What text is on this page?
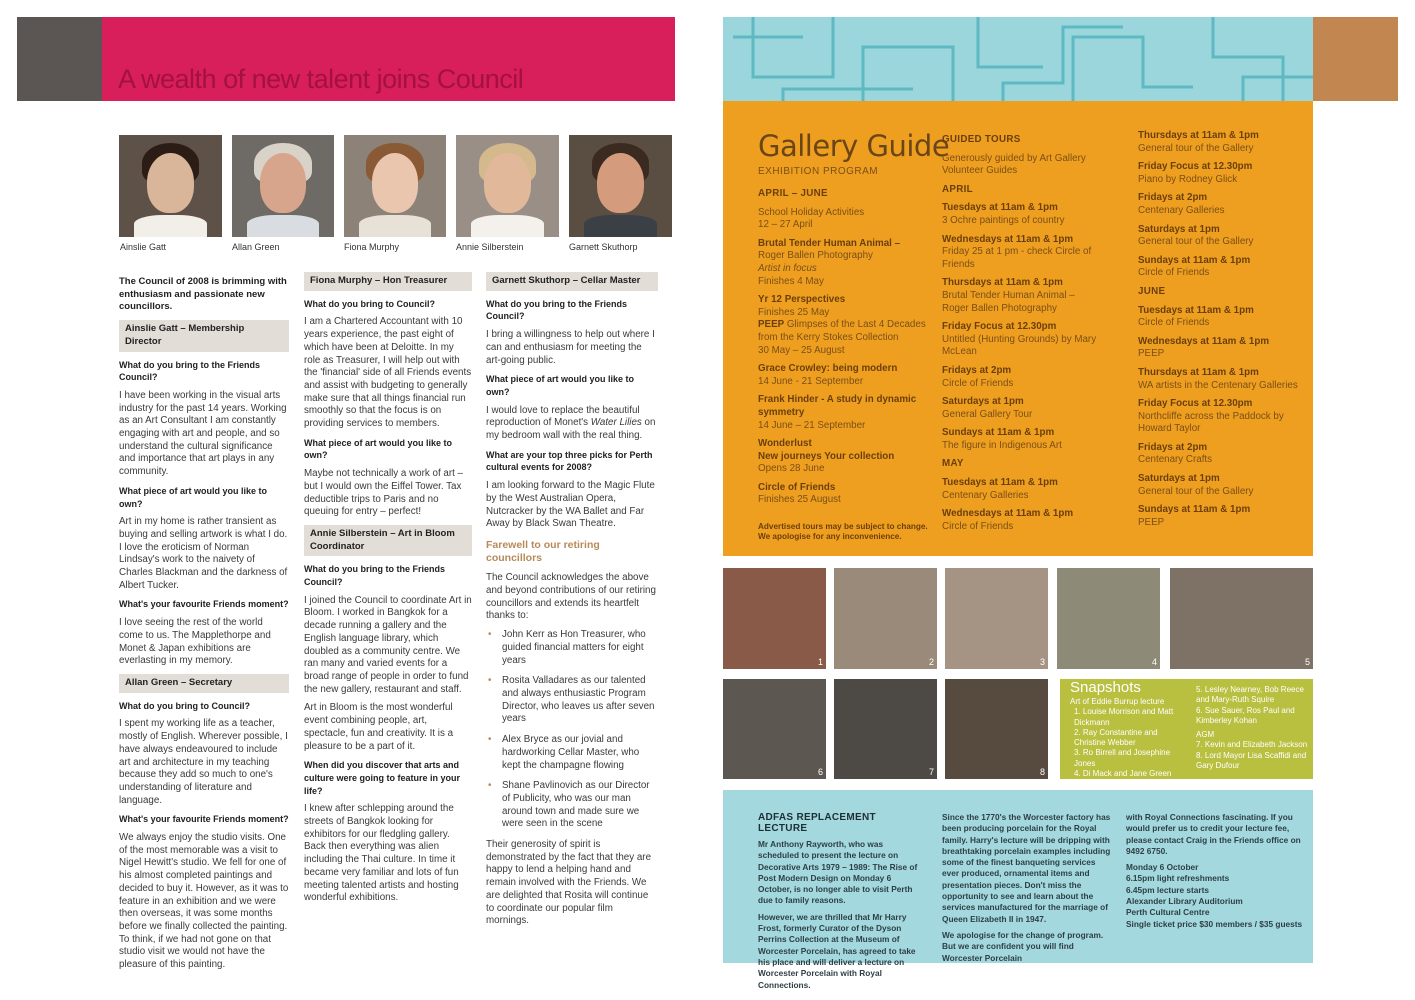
A wealth of new talent joins Council
Ainslie Gatt	Allan Green	Fiona Murphy	Annie Silberstein	Garnett Skuthorp

The Council of 2008 is brimming with enthusiasm and passionate new councillors.

Ainslie Gatt – Membership Director

What do you bring to the Friends Council?

I have been working in the visual arts industry for the past 14 years. Working as an Art Consultant I am constantly engaging with art and people, and so understand the cultural significance and importance that art plays in any community.

What piece of art would you like to own?

Art in my home is rather transient as buying and selling artwork is what I do. I love the eroticism of Norman Lindsay's work to the naivety of Charles Blackman and the darkness of Albert Tucker.

What's your favourite Friends moment?

I love seeing the rest of the world come to us. The Mapplethorpe and Monet & Japan exhibitions are everlasting in my memory.

Allan Green – Secretary

What do you bring to Council?

I spent my working life as a teacher, mostly of English. Wherever possible, I have always endeavoured to include art and architecture in my teaching because they add so much to one's understanding of literature and language.

What's your favourite Friends moment?

We always enjoy the studio visits. One of the most memorable was a visit to Nigel Hewitt's studio. We fell for one of his almost completed paintings and decided to buy it. However, as it was to feature in an exhibition and we were then overseas, it was some months before we finally collected the painting. To think, if we had not gone on that studio visit we would not have the pleasure of this painting.

Fiona Murphy – Hon Treasurer

What do you bring to Council?

I am a Chartered Accountant with 10 years experience, the past eight of which have been at Deloitte. In my role as Treasurer, I will help out with the 'financial' side of all Friends events and assist with budgeting to generally make sure that all things financial run smoothly so that the focus is on providing services to members.

What piece of art would you like to own?

Maybe not technically a work of art – but I would own the Eiffel Tower. Tax deductible trips to Paris and no queuing for entry – perfect!

Annie Silberstein – Art in Bloom Coordinator

What do you bring to the Friends Council?

I joined the Council to coordinate Art in Bloom. I worked in Bangkok for a decade running a gallery and the English language library, which doubled as a community centre. We ran many and varied events for a broad range of people in order to fund the new gallery, restaurant and staff.

Art in Bloom is the most wonderful event combining people, art, spectacle, fun and creativity. It is a pleasure to be a part of it.

When did you discover that arts and culture were going to feature in your life?

I knew after schlepping around the streets of Bangkok looking for exhibitors for our fledgling gallery. Back then everything was alien including the Thai culture. In time it became very familiar and lots of fun meeting talented artists and hosting wonderful exhibitions.

Garnett Skuthorp – Cellar Master

What do you bring to the Friends Council?

I bring a willingness to help out where I can and enthusiasm for meeting the art-going public.

What piece of art would you like to own?

I would love to replace the beautiful reproduction of Monet's Water Lilies on my bedroom wall with the real thing.

What are your top three picks for Perth cultural events for 2008?

I am looking forward to the Magic Flute by the West Australian Opera, Nutcracker by the WA Ballet and Far Away by Black Swan Theatre.

Farewell to our retiring councillors

The Council acknowledges the above and beyond contributions of our retiring councillors and extends its heartfelt thanks to:

• John Kerr as Hon Treasurer, who guided financial matters for eight years
• Rosita Valladares as our talented and always enthusiastic Program Director, who leaves us after seven years
• Alex Bryce as our jovial and hardworking Cellar Master, who kept the champagne flowing
• Shane Pavlinovich as our Director of Publicity, who was our man around town and made sure we were seen in the scene

Their generosity of spirit is demonstrated by the fact that they are happy to lend a helping hand and remain involved with the Friends. We are delighted that Rosita will continue to coordinate our popular film mornings.

Gallery Guide
EXHIBITION PROGRAM
APRIL – JUNE
School Holiday Activities
12 – 27 April
Brutal Tender Human Animal –
Roger Ballen Photography
Artist in focus
Finishes 4 May
Yr 12 Perspectives
Finishes 25 May
PEEP Glimpses of the Last 4 Decades from the Kerry Stokes Collection
30 May – 25 August
Grace Crowley: being modern
14 June - 21 September
Frank Hinder - A study in dynamic symmetry
14 June – 21 September
Wonderlust
New journeys Your collection
Opens 28 June
Circle of Friends
Finishes 25 August
Advertised tours may be subject to change. We apologise for any inconvenience.
GUIDED TOURS
Generously guided by Art Gallery Volunteer Guides
APRIL
Tuesdays at 11am & 1pm
3 Ochre paintings of country
Wednesdays at 11am & 1pm
Friday 25 at 1 pm - check Circle of Friends
Thursdays at 11am & 1pm
Brutal Tender Human Animal – Roger Ballen Photography
Friday Focus at 12.30pm
Untitled (Hunting Grounds) by Mary McLean
Fridays at 2pm
Circle of Friends
Saturdays at 1pm
General Gallery Tour
Sundays at 11am & 1pm
The figure in Indigenous Art
MAY
Tuesdays at 11am & 1pm
Centenary Galleries
Wednesdays at 11am & 1pm
Circle of Friends
Thursdays at 11am & 1pm
General tour of the Gallery
Friday Focus at 12.30pm
Piano by Rodney Glick
Fridays at 2pm
Centenary Galleries
Saturdays at 1pm
General tour of the Gallery
Sundays at 11am & 1pm
Circle of Friends
JUNE
Tuesdays at 11am & 1pm
Circle of Friends
Wednesdays at 11am & 1pm
PEEP
Thursdays at 11am & 1pm
WA artists in the Centenary Galleries
Friday Focus at 12.30pm
Northcliffe across the Paddock by Howard Taylor
Fridays at 2pm
Centenary Crafts
Saturdays at 1pm
General tour of the Gallery
Sundays at 11am & 1pm
PEEP
1	2	3	4	5
6	7	8
Snapshots
Art of Eddie Burrup lecture
1. Louise Morrison and Matt Dickmann
2. Ray Constantine and Christine Webber
3. Ro Birrell and Josephine Jones
4. Di Mack and Jane Green
5. Lesley Nearney, Bob Reece and Mary-Ruth Squire
6. Sue Sauer, Ros Paul and Kimberley Kohan
AGM
7. Kevin and Elizabeth Jackson
8. Lord Mayor Lisa Scaffidi and Gary Dufour
ADFAS REPLACEMENT LECTURE
Mr Anthony Rayworth, who was scheduled to present the lecture on Decorative Arts 1979 – 1989: The Rise of Post Modern Design on Monday 6 October, is no longer able to visit Perth due to family reasons.
However, we are thrilled that Mr Harry Frost, formerly Curator of the Dyson Perrins Collection at the Museum of Worcester Porcelain, has agreed to take his place and will deliver a lecture on Worcester Porcelain with Royal Connections.
Since the 1770's the Worcester factory has been producing porcelain for the Royal family. Harry's lecture will be dripping with breathtaking porcelain examples including some of the finest banqueting services ever produced, ornamental items and presentation pieces. Don't miss the opportunity to see and learn about the services manufactured for the marriage of Queen Elizabeth II in 1947.
We apologise for the change of program. But we are confident you will find Worcester Porcelain
with Royal Connections fascinating. If you would prefer us to credit your lecture fee, please contact Craig in the Friends office on 9492 6750.
Monday 6 October
6.15pm light refreshments
6.45pm lecture starts
Alexander Library Auditorium
Perth Cultural Centre
Single ticket price $30 members / $35 guests
